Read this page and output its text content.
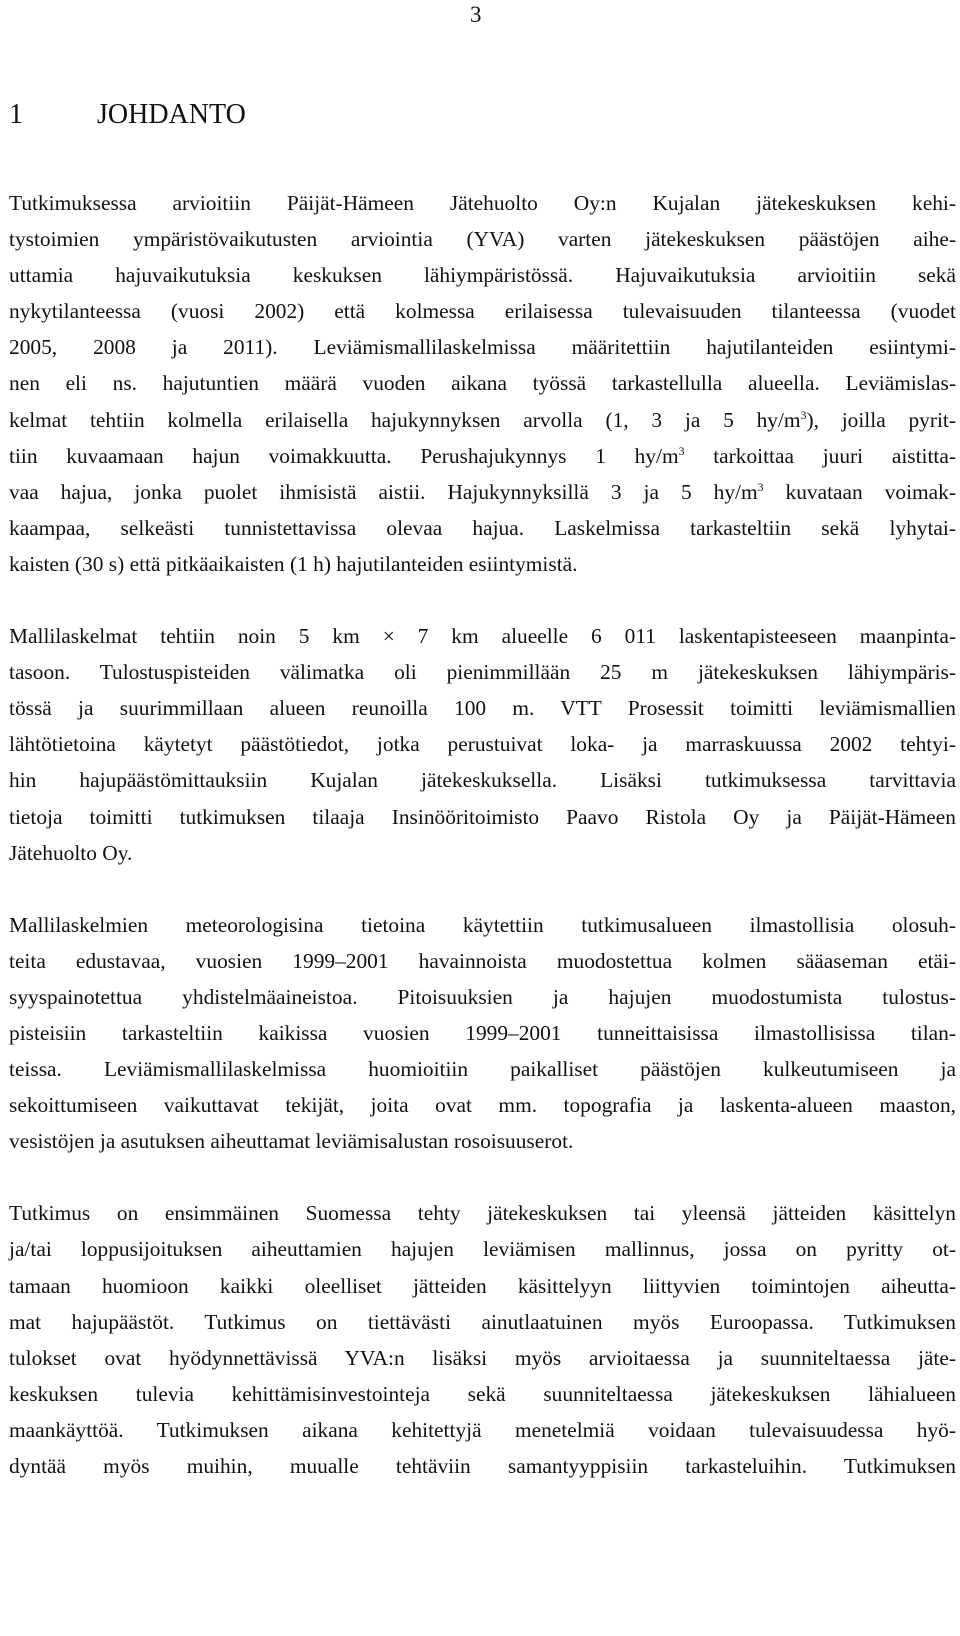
3
1	JOHDANTO

Tutkimuksessa arvioitiin Päijät-Hämeen Jätehuolto Oy:n Kujalan jätekeskuksen kehi-
tystoimien ympäristövaikutusten arviointia (YVA) varten jätekeskuksen päästöjen aihe-
uttamia hajuvaikutuksia keskuksen lähiympäristössä. Hajuvaikutuksia arvioitiin sekä
nykytilanteessa (vuosi 2002) että kolmessa erilaisessa tulevaisuuden tilanteessa (vuodet
2005, 2008 ja 2011). Leviämismallilaskelmissa määritettiin hajutilanteiden esiintymi-
nen eli ns. hajutuntien määrä vuoden aikana työssä tarkastellulla alueella. Leviämislas-
kelmat tehtiin kolmella erilaisella hajukynnyksen arvolla (1, 3 ja 5 $hy/m^3$), joilla pyrit-
tiin kuvaamaan hajun voimakkuutta. Perushajukynnys 1 $hy/m^3$ tarkoittaa juuri aistitta-
vaa hajua, jonka puolet ihmisistä aistii. Hajukynnyksillä 3 ja 5 $hy/m^3$ kuvataan voimak-
kaampaa, selkeästi tunnistettavissa olevaa hajua. Laskelmissa tarkasteltiin sekä lyhytai-
kaisten (30 s) että pitkäaikaisten (1 h) hajutilanteiden esiintymistä.

Mallilaskelmat tehtiin noin 5 km × 7 km alueelle 6 011 laskentapisteeseen maanpinta-
tasoon. Tulostuspisteiden välimatka oli pienimmillään 25 m jätekeskuksen lähiympäris-
tössä ja suurimmillaan alueen reunoilla 100 m. VTT Prosessit toimitti leviämismallien
lähtötietoina käytetyt päästötiedot, jotka perustuivat loka- ja marraskuussa 2002 tehtyi-
hin hajupäästömittauksiin Kujalan jätekeskuksella. Lisäksi tutkimuksessa tarvittavia
tietoja toimitti tutkimuksen tilaaja Insinööritoimisto Paavo Ristola Oy ja Päijät-Hämeen
Jätehuolto Oy.

Mallilaskelmien meteorologisina tietoina käytettiin tutkimusalueen ilmastollisia olosuh-
teita edustavaa, vuosien 1999–2001 havainnoista muodostettua kolmen sääaseman etäi-
syyspainotettua yhdistelmäaineistoa. Pitoisuuksien ja hajujen muodostumista tulostus-
pisteisiin tarkasteltiin kaikissa vuosien 1999–2001 tunneittaisissa ilmastollisissa tilan-
teissa. Leviämismallilaskelmissa huomioitiin paikalliset päästöjen kulkeutumiseen ja
sekoittumiseen vaikuttavat tekijät, joita ovat mm. topografia ja laskenta-alueen maaston,
vesistöjen ja asutuksen aiheuttamat leviämisalustan rosoisuuserot.

Tutkimus on ensimmäinen Suomessa tehty jätekeskuksen tai yleensä jätteiden käsittelyn
ja/tai loppusijoituksen aiheuttamien hajujen leviämisen mallinnus, jossa on pyritty ot-
tamaan huomioon kaikki oleelliset jätteiden käsittelyyn liittyvien toimintojen aiheutta-
mat hajupäästöt. Tutkimus on tiettävästi ainutlaatuinen myös Euroopassa. Tutkimuksen
tulokset ovat hyödynnettävissä YVA:n lisäksi myös arvioitaessa ja suunniteltaessa jäte-
keskuksen tulevia kehittämisinvestointeja sekä suunniteltaessa jätekeskuksen lähialueen
maankäyttöä. Tutkimuksen aikana kehitettyjä menetelmiä voidaan tulevaisuudessa hyö-
dyntää myös muihin, muualle tehtäviin samantyyppisiin tarkasteluihin. Tutkimuksen
